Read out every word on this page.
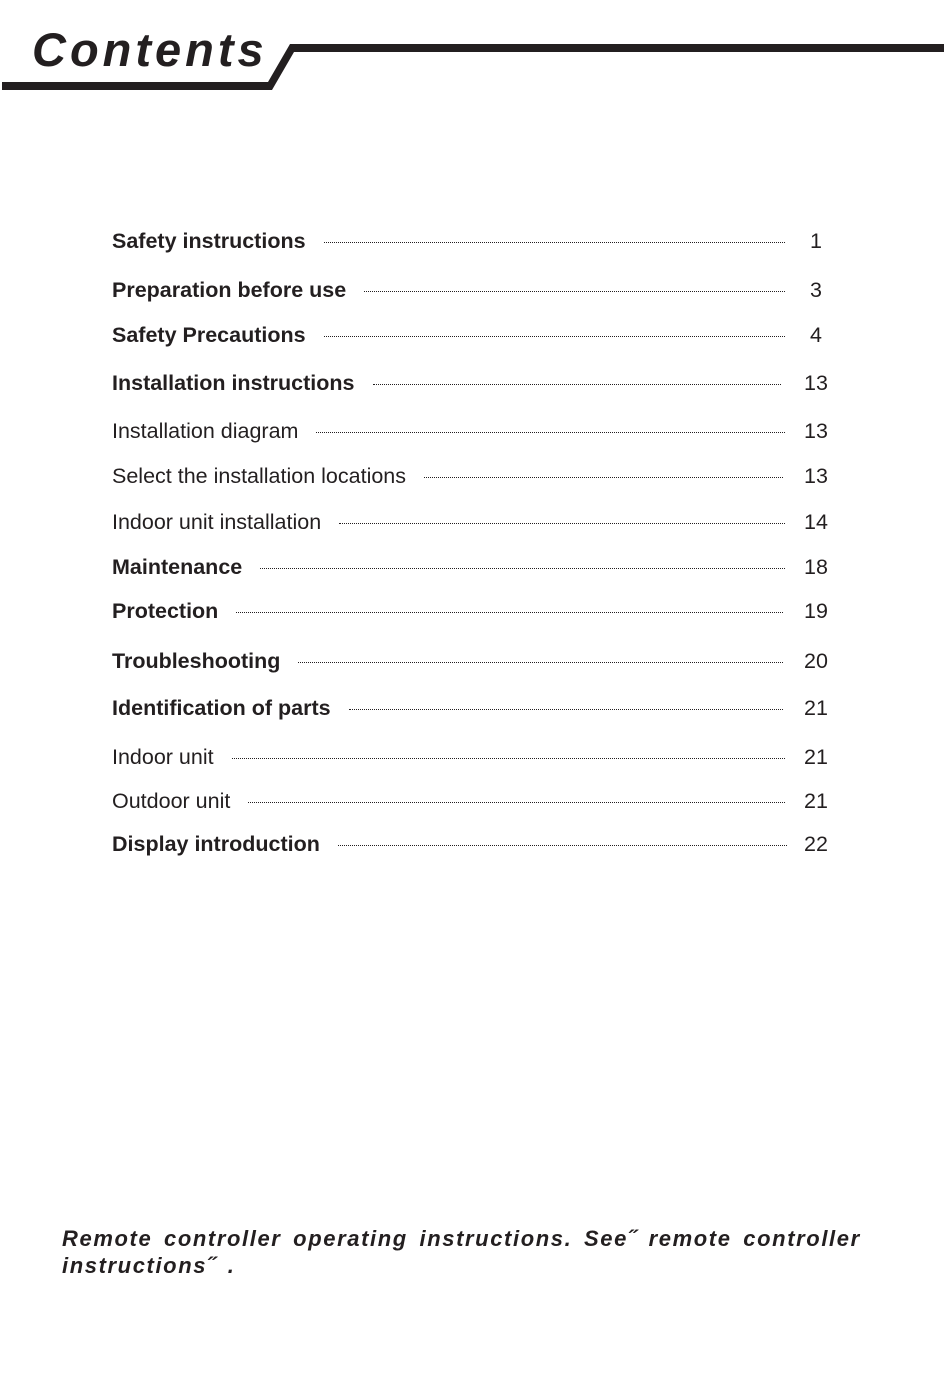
Contents
Safety instructions	1
Preparation before use	3
Safety Precautions	4
Installation instructions	13
Installation diagram	13
Select the installation locations	13
Indoor unit installation	14
Maintenance	18
Protection	19
Troubleshooting	20
Identification of parts	21
Indoor unit	21
Outdoor unit	21
Display introduction	22
Remote controller operating instructions. See˝ remote controller instructions˝ .
